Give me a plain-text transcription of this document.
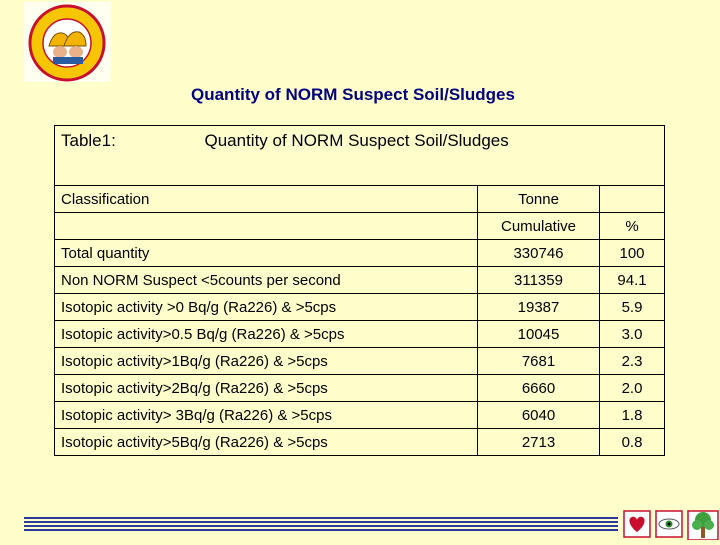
Quantity of NORM Suspect Soil/Sludges
Table1:	Quantity of NORM Suspect Soil/Sludges		
Classification		Tonne	
		Cumulative	%
Total quantity		330746	100
Non NORM Suspect <5counts per second		311359	94.1
Isotopic activity >0 Bq/g (Ra226) & >5cps		19387	5.9
Isotopic activity>0.5 Bq/g (Ra226) & >5cps		10045	3.0
Isotopic activity>1Bq/g (Ra226) & >5cps		7681	2.3
Isotopic activity>2Bq/g (Ra226) & >5cps		6660	2.0
Isotopic activity> 3Bq/g (Ra226) & >5cps		6040	1.8
Isotopic activity>5Bq/g (Ra226) & >5cps		2713	0.8
